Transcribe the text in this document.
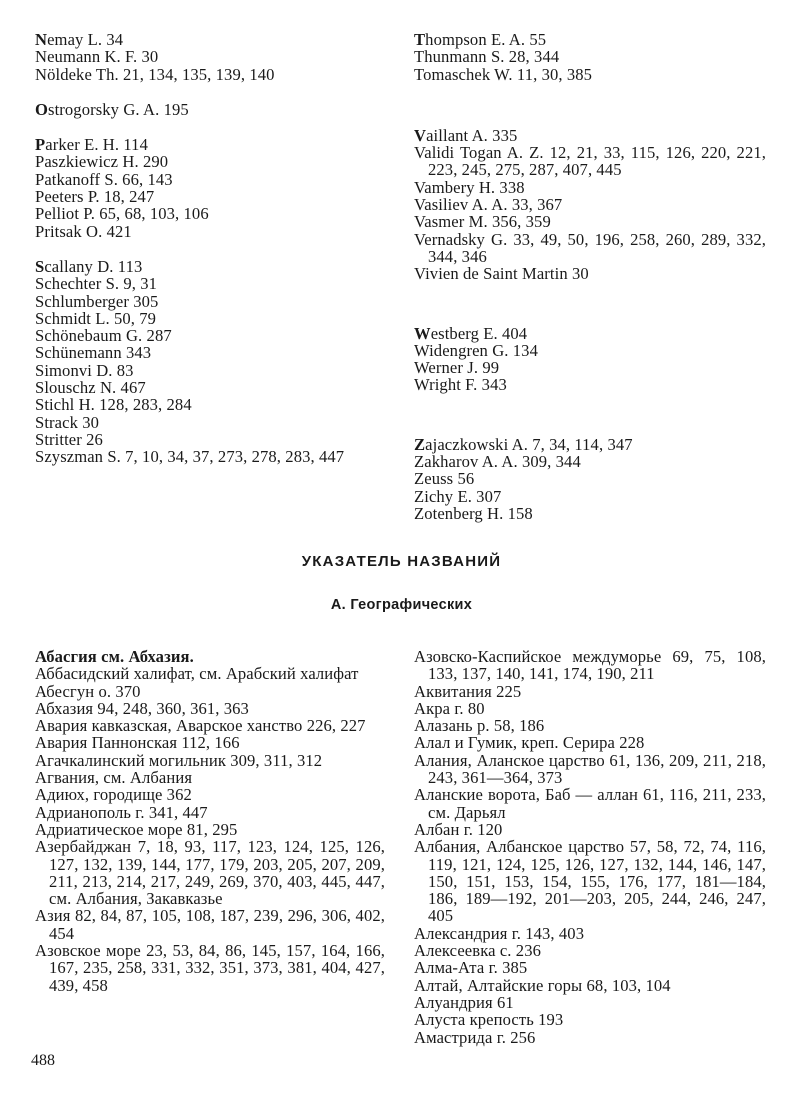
Nemay L. 34
Neumann K. F. 30
Nöldeke Th. 21, 134, 135, 139, 140
Ostrogorsky G. A. 195
Parker E. H. 114
Paszkiewicz H. 290
Patkanoff S. 66, 143
Peeters P. 18, 247
Pelliot P. 65, 68, 103, 106
Pritsak O. 421
Scallany D. 113
Schechter S. 9, 31
Schlumberger 305
Schmidt L. 50, 79
Schönebaum G. 287
Schünemann 343
Simonvi D. 83
Slouschz N. 467
Stichl H. 128, 283, 284
Strack 30
Stritter 26
Szyszman S. 7, 10, 34, 37, 273, 278, 283, 447
Thompson E. A. 55
Thunmann S. 28, 344
Tomaschek W. 11, 30, 385
Vaillant A. 335
Validi Togan A. Z. 12, 21, 33, 115, 126, 220, 221, 223, 245, 275, 287, 407, 445
Vambery H. 338
Vasiliev A. A. 33, 367
Vasmer M. 356, 359
Vernadsky G. 33, 49, 50, 196, 258, 260, 289, 332, 344, 346
Vivien de Saint Martin 30
Westberg E. 404
Widengren G. 134
Werner J. 99
Wright F. 343
Zajaczkowski A. 7, 34, 114, 347
Zakharov A. A. 309, 344
Zeuss 56
Zichy E. 307
Zotenberg H. 158
УКАЗАТЕЛЬ НАЗВАНИЙ
А. Географических
Абасгия см. Абхазия.
Аббасидский халифат, см. Арабский халифат
Абесгун о. 370
Абхазия 94, 248, 360, 361, 363
Авария кавказская, Аварское ханство 226, 227
Авария Паннонская 112, 166
Агачкалинский могильник 309, 311, 312
Агвания, см. Албания
Адиюх, городище 362
Адрианополь г. 341, 447
Адриатическое море 81, 295
Азербайджан 7, 18, 93, 117, 123, 124, 125, 126, 127, 132, 139, 144, 177, 179, 203, 205, 207, 209, 211, 213, 214, 217, 249, 269, 370, 403, 445, 447, см. Албания, Закавказье
Азия 82, 84, 87, 105, 108, 187, 239, 296, 306, 402, 454
Азовское море 23, 53, 84, 86, 145, 157, 164, 166, 167, 235, 258, 331, 332, 351, 373, 381, 404, 427, 439, 458
Азовско-Каспийское междуморье 69, 75, 108, 133, 137, 140, 141, 174, 190, 211
Аквитания 225
Акра г. 80
Алазань р. 58, 186
Алал и Гумик, креп. Серира 228
Алания, Аланское царство 61, 136, 209, 211, 218, 243, 361—364, 373
Аланские ворота, Баб — аллан 61, 116, 211, 233, см. Дарьял
Албан г. 120
Албания, Албанское царство 57, 58, 72, 74, 116, 119, 121, 124, 125, 126, 127, 132, 144, 146, 147, 150, 151, 153, 154, 155, 176, 177, 181—184, 186, 189—192, 201—203, 205, 244, 246, 247, 405
Александрия г. 143, 403
Алексеевка с. 236
Алма-Ата г. 385
Алтай, Алтайские горы 68, 103, 104
Алуандрия 61
Алуста крепость 193
Амастрида г. 256
488
